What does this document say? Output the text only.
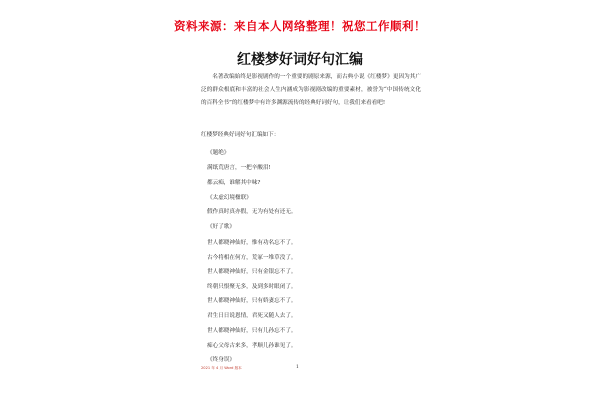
资料来源：来自本人网络整理！祝您工作顺利！
红楼梦好词好句汇编

名著改编始终是影视剧作的一个重要的剧原来源，而古典小说《红楼梦》更因为其广泛的群众根底和丰富的社会人生内涵成为影视剧改编的重要素材，被誉为“中国传统文化的百科全书”的红楼梦中有许多渊源流传的经典好词好句，让我们来看看吧!

红楼梦经典好词好句汇编如下：
《题绝》
满纸荒唐言，一把辛酸泪!
都云痴，谁解其中味?
《太虚幻境楹联》
假作真时真亦假，无为有处有还无。
《好了歌》
世人都晓神仙好，惟有功名忘不了。
古今将相在何方，荒冢一堆草没了。
世人都晓神仙好，只有金银忘不了。
终朝只恨聚无多，及到多时眼闭了。
世人都晓神仙好，只有娇妻忘不了。
君生日日说恩情，君死又随人去了。
世人都晓神仙好，只有儿孙忘不了。
痴心父母古来多，孝顺儿孙谁见了。
《终身误》
2021 年 4 月 Word 版本	1
